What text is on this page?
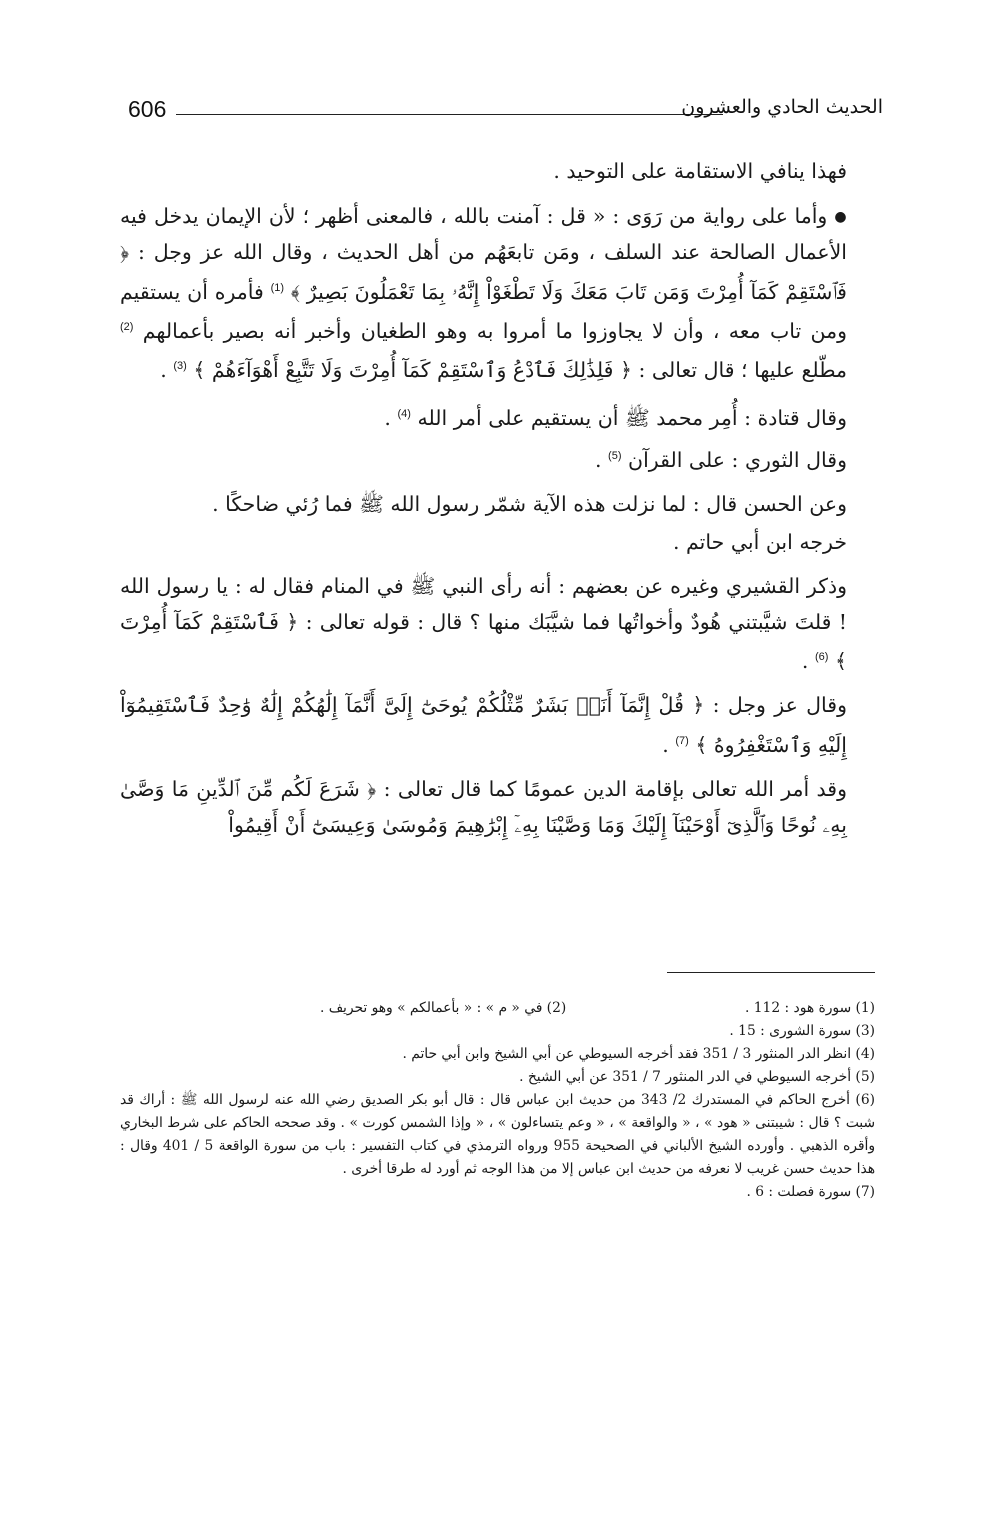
606	الحديث الحادي والعشرون

فهذا ينافي الاستقامة على التوحيد .

● وأما على رواية من رَوَى : « قل : آمنت بالله ، فالمعنى أظهر ؛ لأن الإيمان يدخل فيه الأعمال الصالحة عند السلف ، ومَن تابعَهُم من أهل الحديث ، وقال الله عز وجل : ﴿ فَٱسْتَقِمْ كَمَآ أُمِرْتَ وَمَن تَابَ مَعَكَ وَلَا تَطْغَوْاْ إِنَّهُۥ بِمَا تَعْمَلُونَ بَصِيرٌ ﴾ $^{(1)}$ فأمره أن يستقيم ومن تاب معه ، وأن لا يجاوزوا ما أمروا به وهو الطغيان وأخبر أنه بصير بأعمالهم $^{(2)}$ مطّلع عليها ؛ قال تعالى : ﴿ فَلِذَٰلِكَ فَٱدْعُ وَٱسْتَقِمْ كَمَآ أُمِرْتَ وَلَا تَتَّبِعْ أَهْوَآءَهُمْ ﴾ $^{(3)}$ .

وقال قتادة : أُمِر محمد ﷺ أن يستقيم على أمر الله $^{(4)}$ .

وقال الثوري : على القرآن $^{(5)}$ .

وعن الحسن قال : لما نزلت هذه الآية شمّر رسول الله ﷺ فما رُئي ضاحكًا .

خرجه ابن أبي حاتم .

وذكر القشيري وغيره عن بعضهم : أنه رأى النبي ﷺ في المنام فقال له : يا رسول الله ! قلتَ شيَّبتني هُودٌ وأخواتُها فما شيَّبَك منها ؟ قال : قوله تعالى : ﴿ فَٱسْتَقِمْ كَمَآ أُمِرْتَ ﴾ $^{(6)}$ .

وقال عز وجل : ﴿ قُلْ إِنَّمَآ أَنَا۠ بَشَرٌ مِّثْلُكُمْ يُوحَىٰٓ إِلَىَّ أَنَّمَآ إِلَٰهُكُمْ إِلَٰهٌ وَٰحِدٌ فَٱسْتَقِيمُوٓاْ إِلَيْهِ وَٱسْتَغْفِرُوهُ ﴾ $^{(7)}$ .

وقد أمر الله تعالى بإقامة الدين عمومًا كما قال تعالى : ﴿ شَرَعَ لَكُم مِّنَ ٱلدِّينِ مَا وَصَّىٰ بِهِۦ نُوحًا وَٱلَّذِىٓ أَوْحَيْنَآ إِلَيْكَ وَمَا وَصَّيْنَا بِهِۦٓ إِبْرَٰهِيمَ وَمُوسَىٰ وَعِيسَىٰٓ أَنْ أَقِيمُواْ

(1) سورة هود : 112 .
(2) في « م » : « بأعمالكم » وهو تحريف .
(3) سورة الشورى : 15 .
(4) انظر الدر المنثور 3 / 351 فقد أخرجه السيوطي عن أبي الشيخ وابن أبي حاتم .
(5) أخرجه السيوطي في الدر المنثور 7 / 351 عن أبي الشيخ .
(6) أخرج الحاكم في المستدرك 2/ 343 من حديث ابن عباس قال : قال أبو بكر الصديق رضي الله عنه لرسول الله ﷺ : أراك قد شبت ؟ قال : شيبتنى « هود » ، « والواقعة » ، « وعم يتساءلون » ، « وإذا الشمس كورت » . وقد صححه الحاكم على شرط البخاري وأقره الذهبي . وأورده الشيخ الألباني في الصحيحة 955 ورواه الترمذي في كتاب التفسير : باب من سورة الواقعة 5 / 401 وقال : هذا حديث حسن غريب لا نعرفه من حديث ابن عباس إلا من هذا الوجه ثم أورد له طرقا أخرى .
(7) سورة فصلت : 6 .
